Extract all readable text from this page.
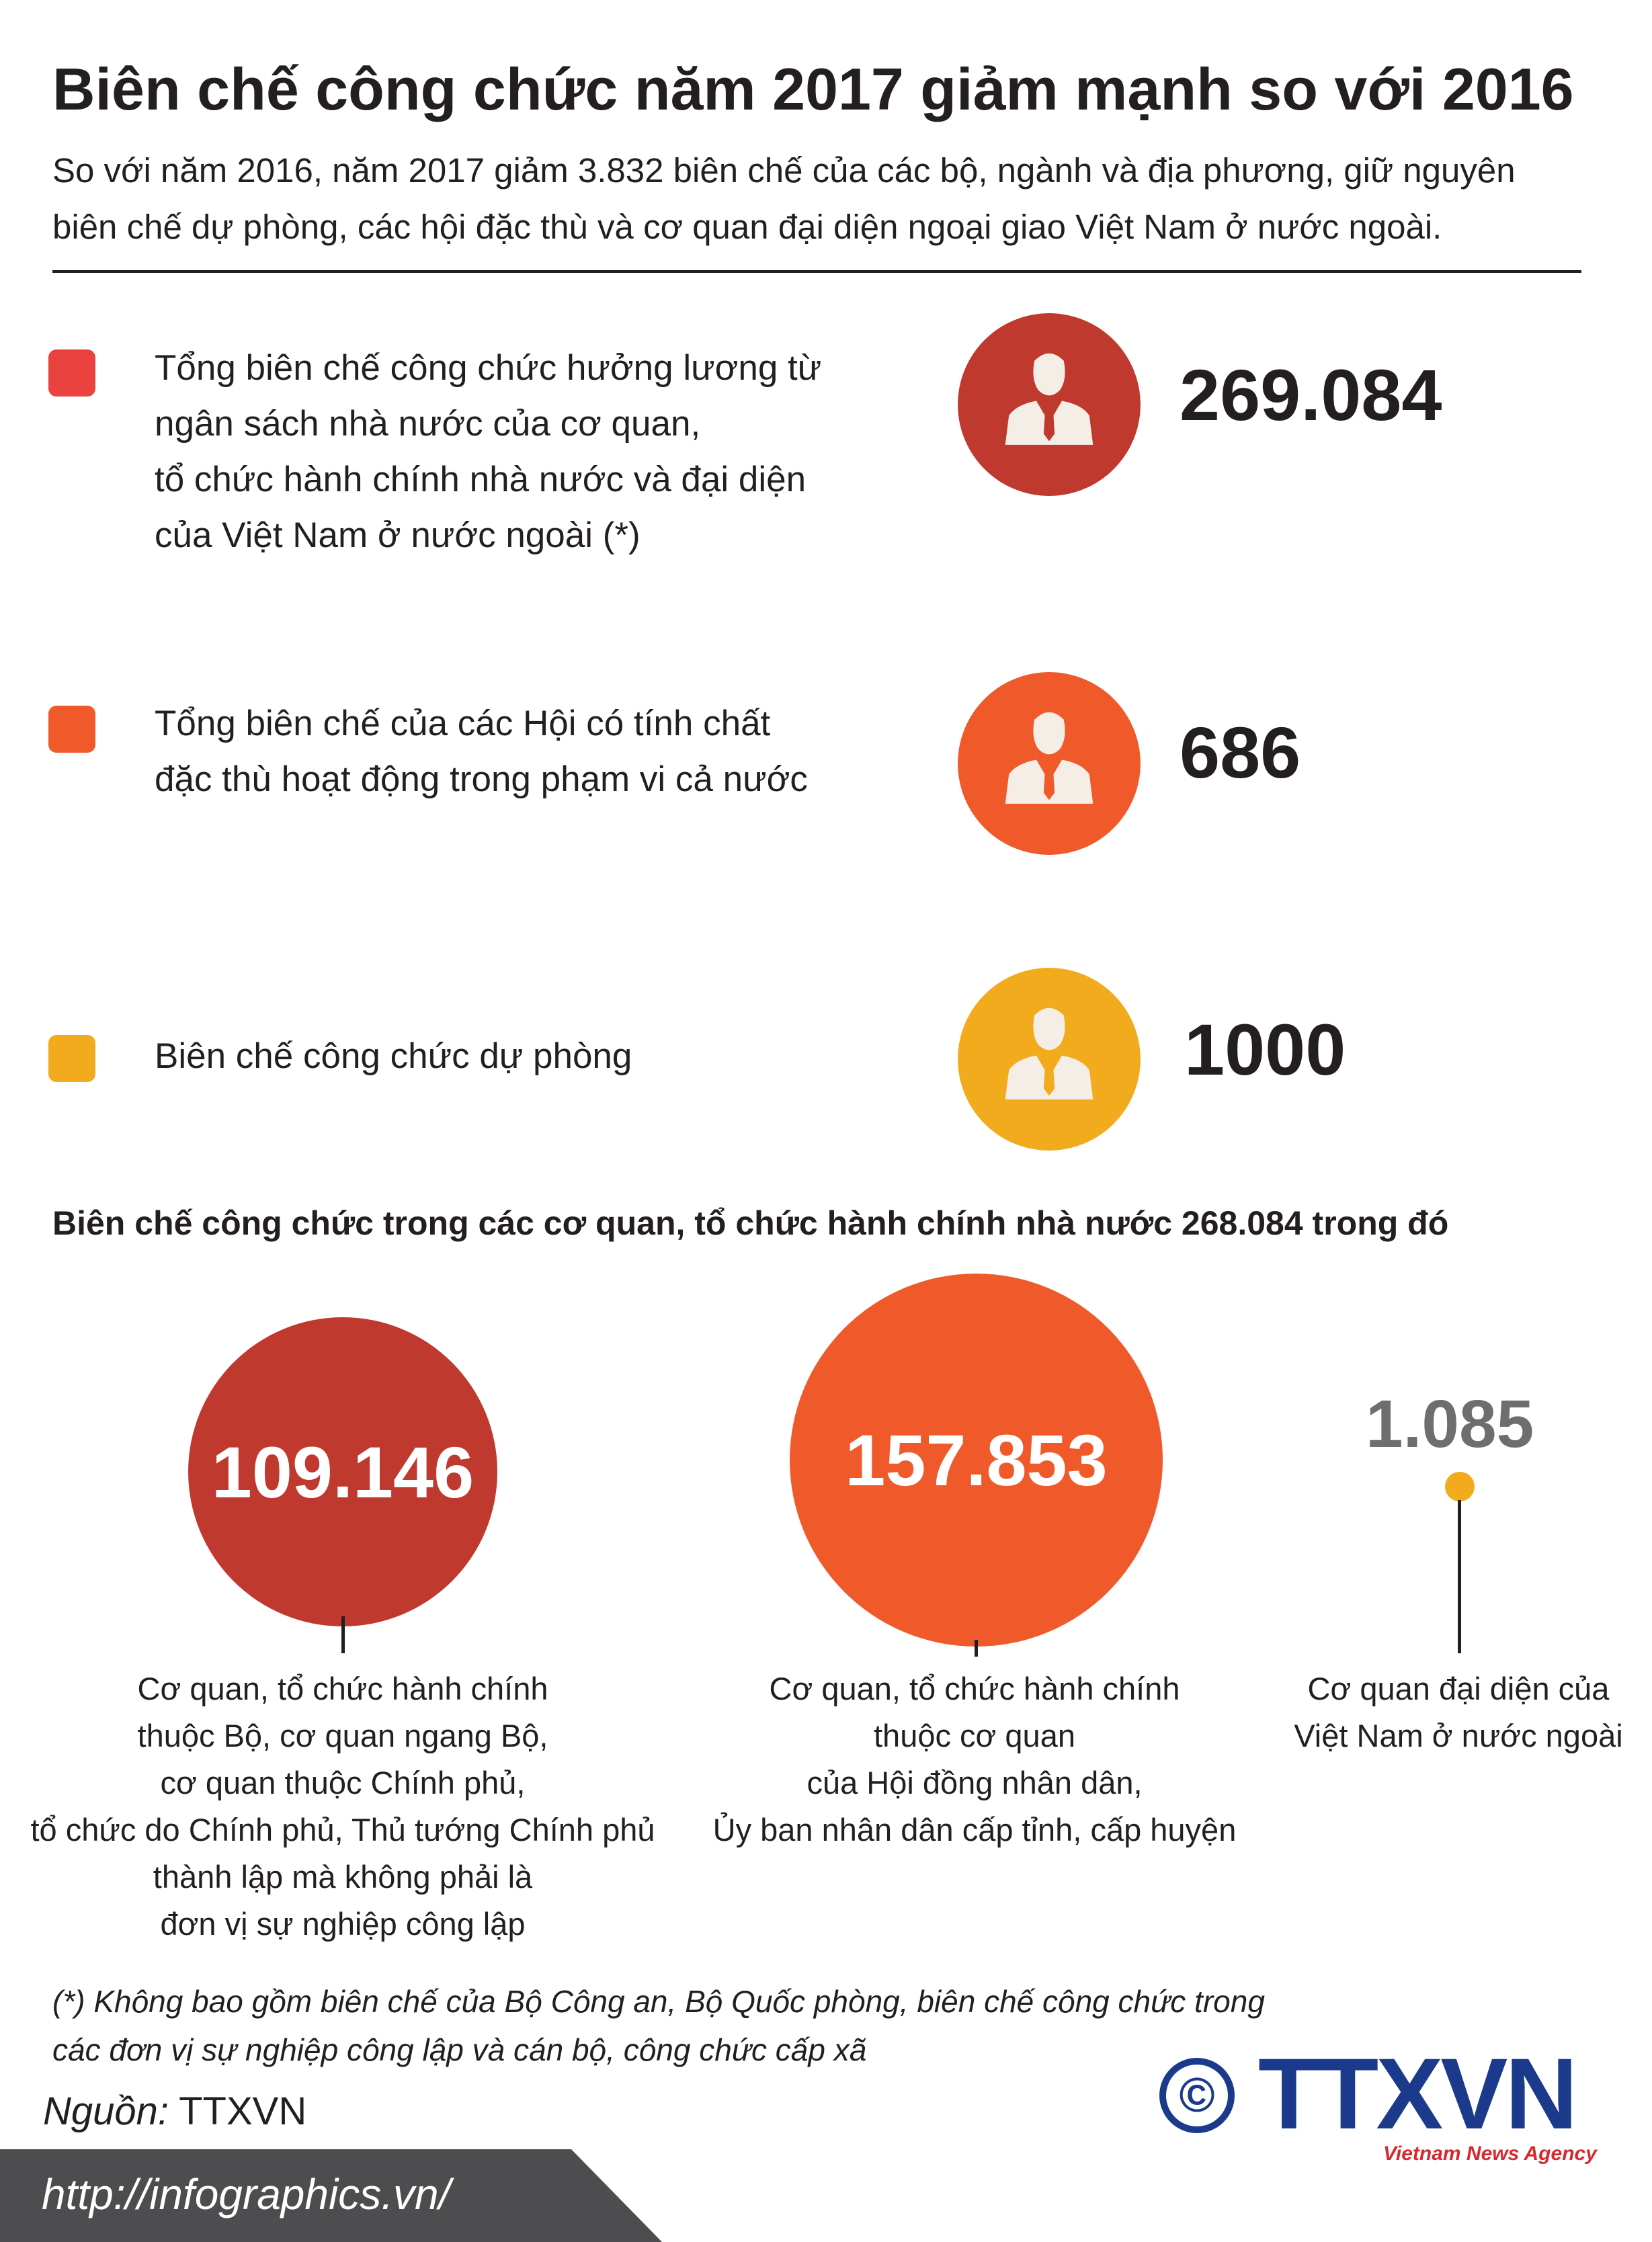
Biên chế công chức năm 2017 giảm mạnh so với 2016
So với năm 2016, năm 2017 giảm 3.832 biên chế của các bộ, ngành và địa phương, giữ nguyên
biên chế dự phòng, các hội đặc thù và cơ quan đại diện ngoại giao Việt Nam ở nước ngoài.
Tổng biên chế công chức hưởng lương từ
ngân sách nhà nước của cơ quan,
tổ chức hành chính nhà nước và đại diện
của Việt Nam ở nước ngoài (*)
269.084
Tổng biên chế của các Hội có tính chất
đặc thù hoạt động trong phạm vi cả nước	686
Biên chế công chức dự phòng	1000
Biên chế công chức trong các cơ quan, tổ chức hành chính nhà nước 268.084 trong đó
109.146
Cơ quan, tổ chức hành chính
thuộc Bộ, cơ quan ngang Bộ,
cơ quan thuộc Chính phủ,
tổ chức do Chính phủ, Thủ tướng Chính phủ
thành lập mà không phải là
đơn vị sự nghiệp công lập
157.853
Cơ quan, tổ chức hành chính
thuộc cơ quan
của Hội đồng nhân dân,
Ủy ban nhân dân cấp tỉnh, cấp huyện
1.085
Cơ quan đại diện của
Việt Nam ở nước ngoài
(*) Không bao gồm biên chế của Bộ Công an, Bộ Quốc phòng, biên chế công chức trong
các đơn vị sự nghiệp công lập và cán bộ, công chức cấp xã
Nguồn: TTXVN	© TTXVN
Vietnam News Agency
http://infographics.vn/
